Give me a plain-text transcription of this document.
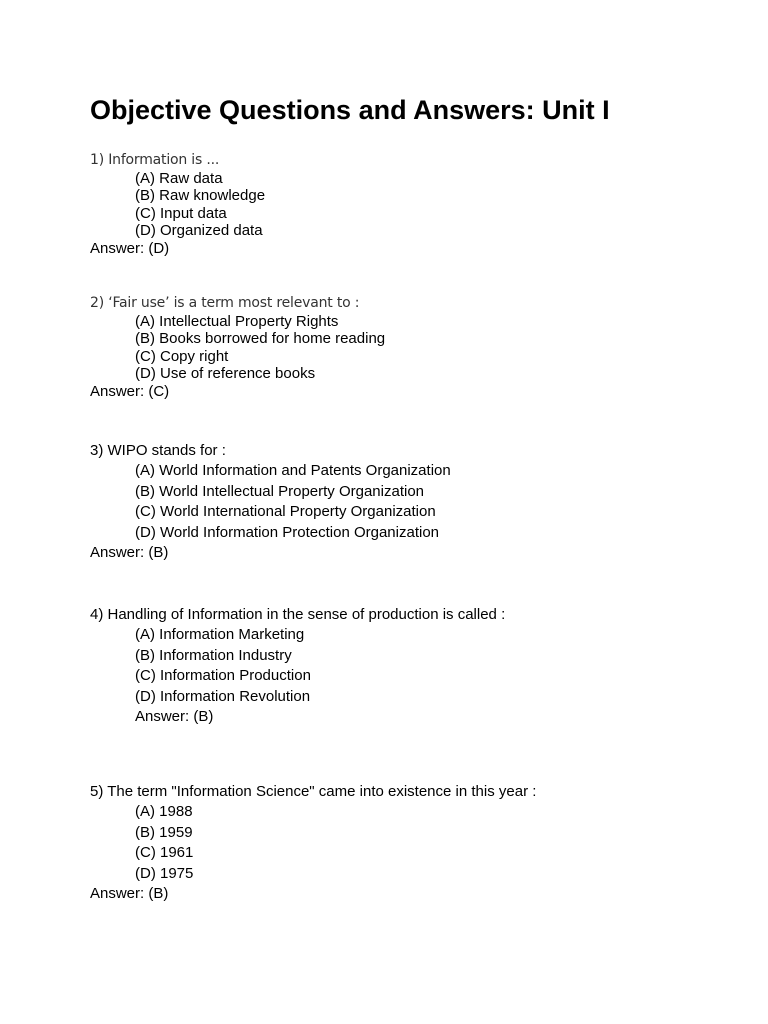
Objective Questions and Answers: Unit I
1) Information is ...
(A) Raw data
(B) Raw knowledge
(C) Input data
(D) Organized data
Answer: (D)
2) ‘Fair use’ is a term most relevant to :
(A) Intellectual Property Rights
(B) Books borrowed for home reading
(C) Copy right
(D) Use of reference books
Answer: (C)
3) WIPO stands for :
(A) World Information and Patents Organization
(B) World Intellectual Property Organization
(C) World International Property Organization
(D) World Information Protection Organization
Answer: (B)
4) Handling of Information in the sense of production is called :
(A) Information Marketing
(B) Information Industry
(C) Information Production
(D) Information Revolution
Answer: (B)
5) The term "Information Science" came into existence in this year :
(A) 1988
(B) 1959
(C) 1961
(D) 1975
Answer: (B)
